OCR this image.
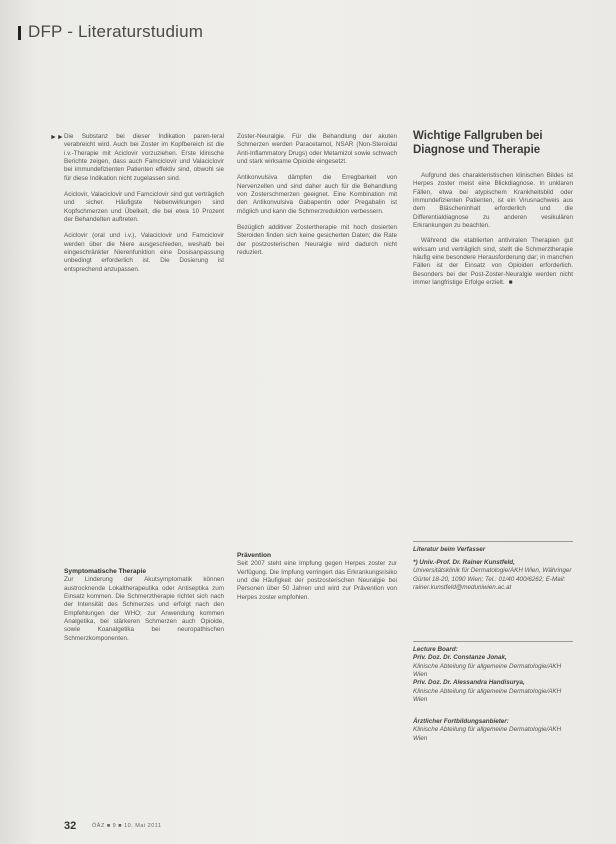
DFP - Literaturstudium
►► Die Substanz bei dieser Indikation paren-teral verabreicht wird. Auch bei Zoster im Kopfbereich ist die i.v.-Therapie mit Aciclovir vorzuziehen. Erste klinische Berichte zeigen, dass auch Famciclovir und Valaciclovir bei immundefizienten Patienten effektiv sind, obwohl sie für diese Indikation nicht zugelassen sind.

Aciclovir, Valaciclovir und Famciclovir sind gut verträglich und sicher. Häufigste Nebenwirkungen sind Kopfschmerzen und Übelkeit, die bei etwa 10 Prozent der Behandelten auftreten.

Aciclovir (oral und i.v.), Valaciclovir und Famciclovir werden über die Niere ausgeschieden, weshalb bei eingeschränkter Nierenfunktion eine Dosisanpassung unbedingt erforderlich ist. Die Dosierung ist entsprechend anzupassen.

Symptomatische Therapie
Zur Linderung der Akutsymptomatik können austrocknende Lokaltherapeutika oder Antiseptika zum Einsatz kommen. Die Schmerztherapie richtet sich nach der Intensität des Schmerzes und erfolgt nach den Empfehlungen der WHO; zur Anwendung kommen Analgetika, bei stärkeren Schmerzen auch Opioide, sowie Koanalgetika bei neuropathischen Schmerzkomponenten.

Zoster-Neuralgie. Für die Behandlung der akuten Schmerzen werden Paracetamol, NSAR (Non-Steroidal Anti-Inflammatory Drugs) oder Metamizol sowie schwach und stark wirksame Opioide eingesetzt.

Antikonvulsiva dämpfen die Erregbarkeit von Nervenzellen und sind daher auch für die Behandlung von Zosterschmerzen geeignet. Eine Kombination mit den Antikonvulsiva Gabapentin oder Pregabalin ist möglich und kann die Schmerzreduktion verbessern.

Bezüglich additiver Zostertherapie mit hoch dosierten Steroiden finden sich keine gesicherten Daten; die Rate der postzosterischen Neuralgie wird dadurch nicht reduziert.

Prävention
Seit 2007 steht eine Impfung gegen Herpes zoster zur Verfügung. Die Impfung verringert das Erkrankungsrisiko und die Häufigkeit der postzosterischen Neuralgie bei Personen über 50 Jahren und wird zur Prävention von Herpes zoster empfohlen.
Wichtige Fallgruben bei Diagnose und Therapie

Aufgrund des charakteristischen klinischen Bildes ist Herpes zoster meist eine Blickdiagnose. In unklaren Fällen, etwa bei atypischem Krankheitsbild oder immundefizienten Patienten, ist ein Virusnachweis aus dem Bläscheninhalt erforderlich und die Differentialdiagnose zu anderen vesikulären Erkrankungen zu beachten.

Während die etablierten antiviralen Therapien gut wirksam und verträglich sind, stellt die Schmerztherapie häufig eine besondere Herausforderung dar; in manchen Fällen ist der Einsatz von Opioiden erforderlich. Besonders bei der Post-Zoster-Neuralgie werden nicht immer langfristige Erfolge erzielt. ■

Literatur beim Verfasser
*) Univ.-Prof. Dr. Rainer Kunstfeld,
Universitätsklinik für Dermatologie/AKH Wien, Währinger Gürtel 18-20, 1090 Wien; Tel.: 01/40 400/6262; E-Mail: rainer.kunstfeld@meduniwien.ac.at
Lecture Board:
Priv. Doz. Dr. Constanze Jonak,
Klinische Abteilung für allgemeine Dermatologie/AKH Wien
Priv. Doz. Dr. Alessandra Handisurya,
Klinische Abteilung für allgemeine Dermatologie/AKH Wien
Ärztlicher Fortbildungsanbieter:
Klinische Abteilung für allgemeine Dermatologie/AKH Wien
32	ÖÄZ ■ 9 ■ 10. Mai 2011
